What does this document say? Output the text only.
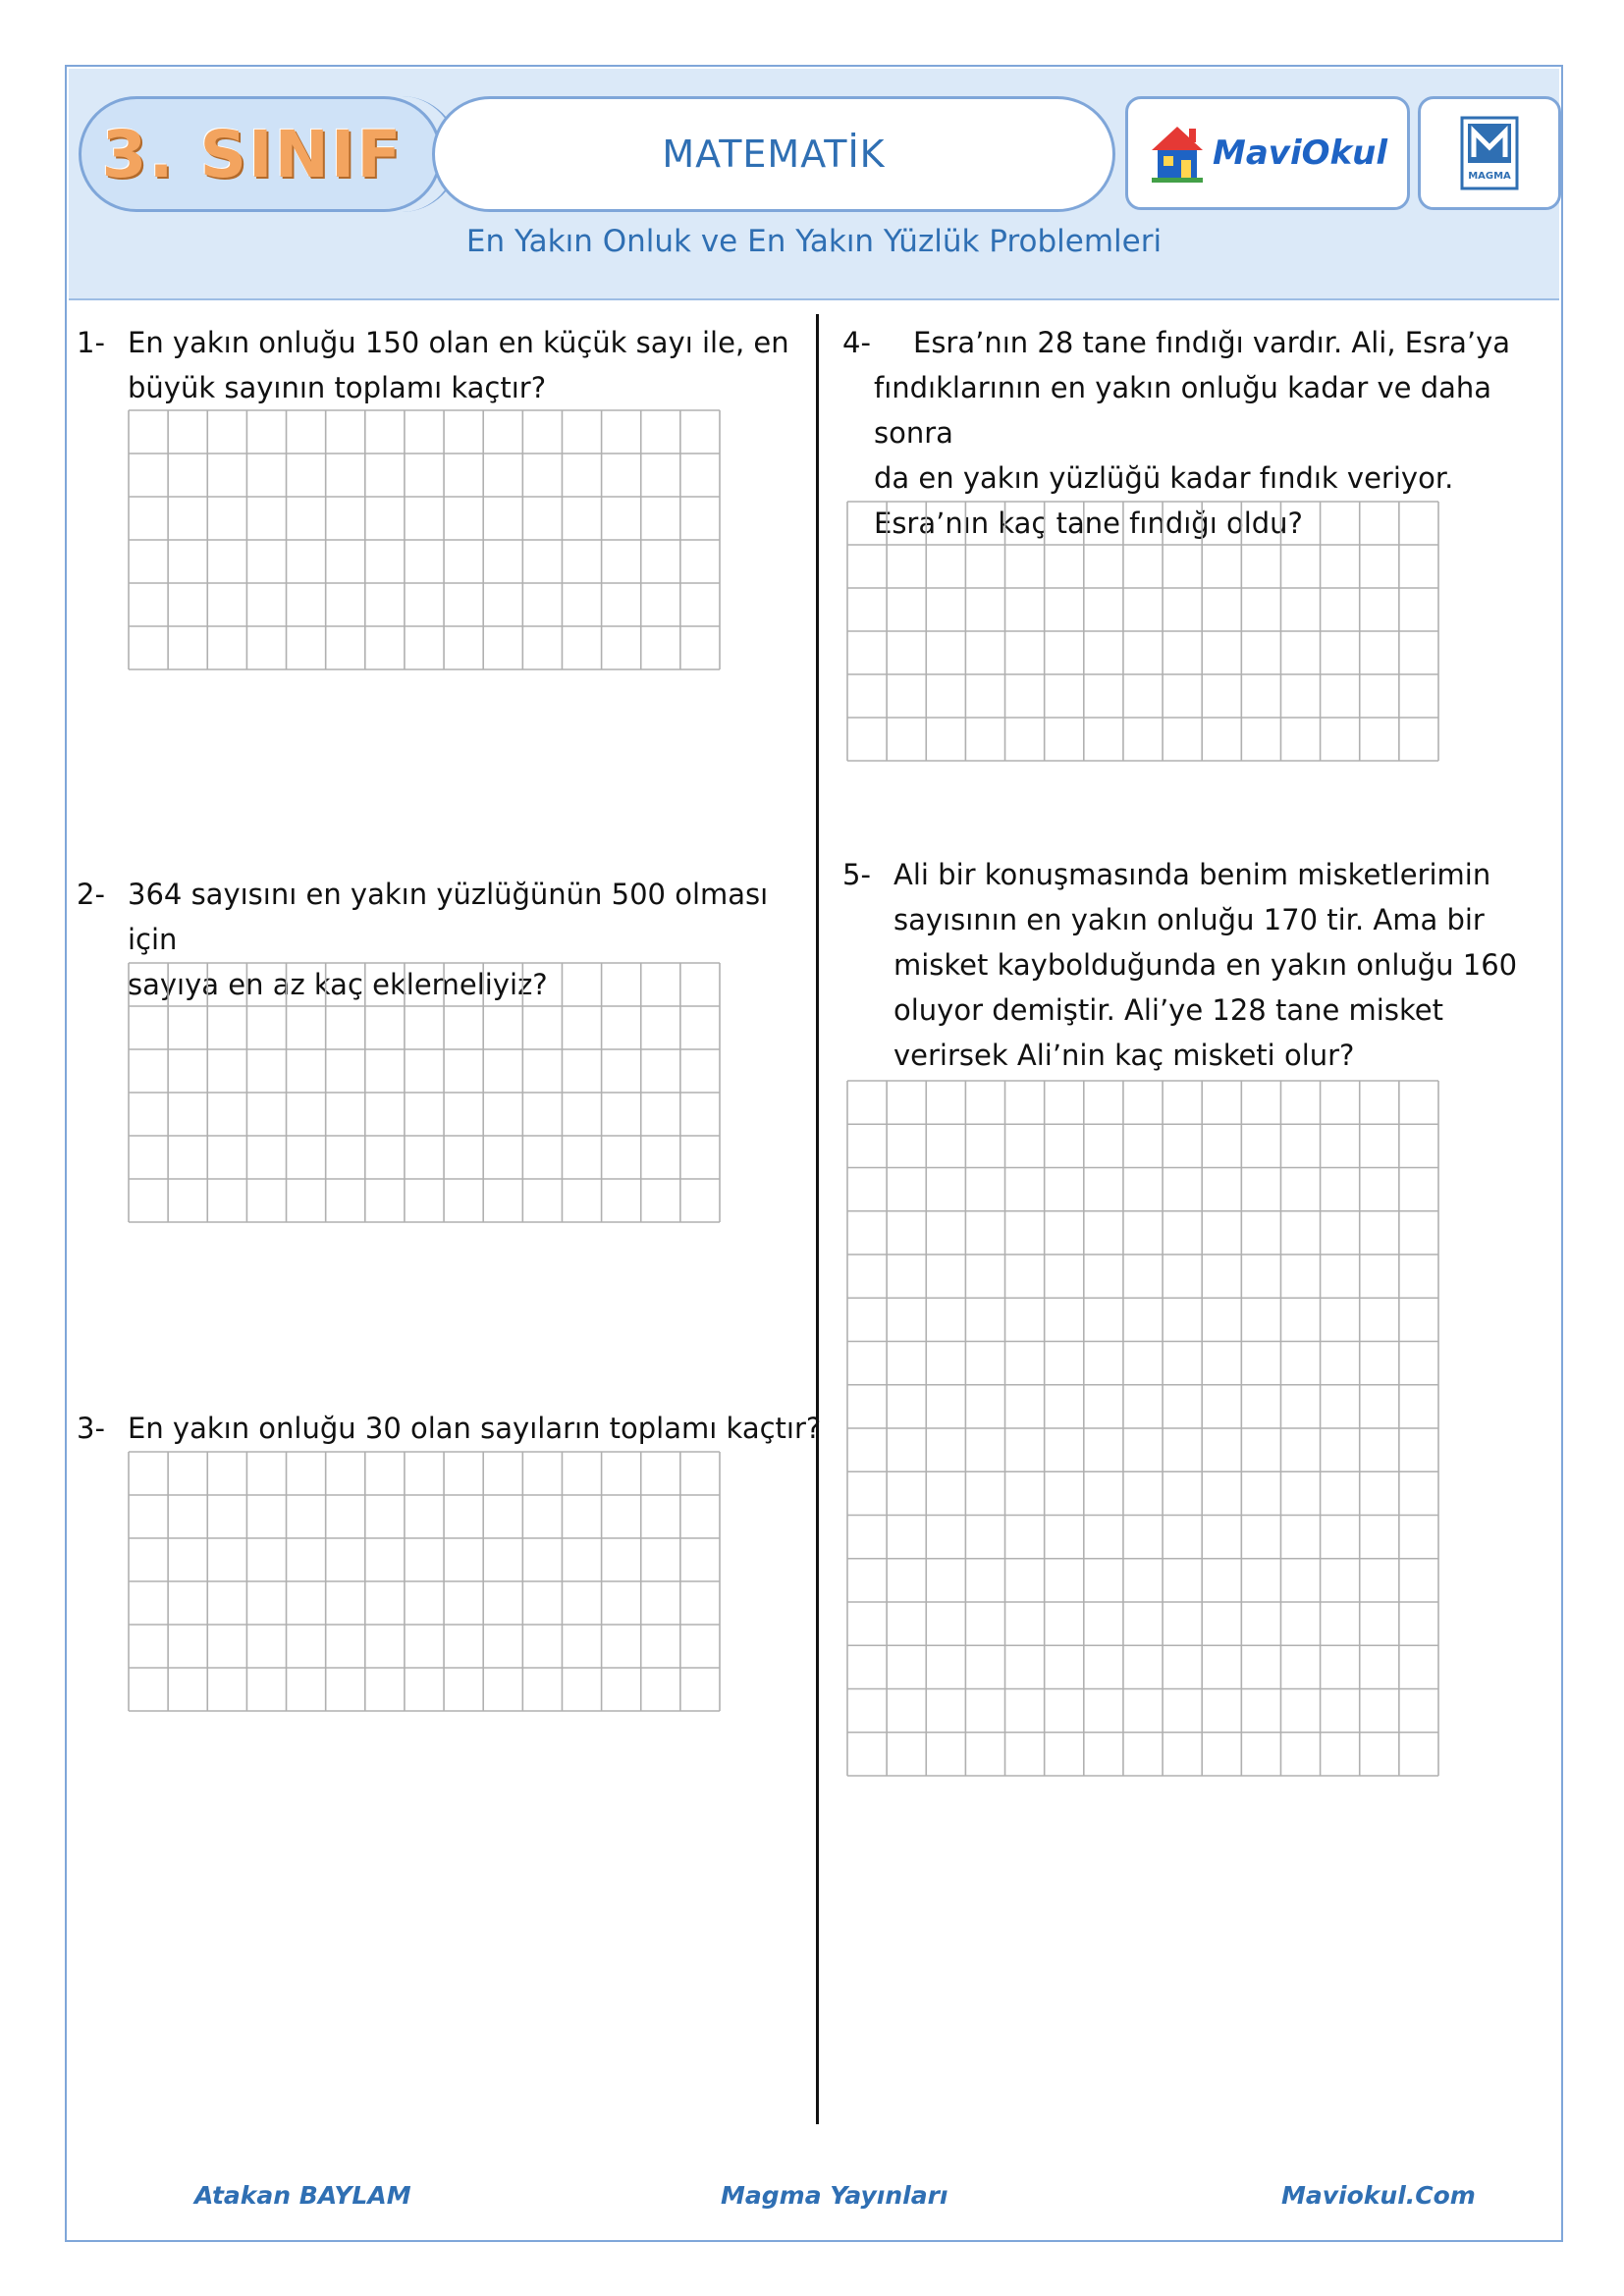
3. SINIF	MATEMATİK	MaviOkul
MAGMA
En Yakın Onluk ve En Yakın Yüzlük Problemleri
1- En yakın onluğu 150 olan en küçük sayı ile, en
büyük sayının toplamı kaçtır?
2- 364 sayısını en yakın yüzlüğünün 500 olması için
sayıya en az kaç eklemeliyiz?
3- En yakın onluğu 30 olan sayıların toplamı kaçtır?
4-	Esra’nın 28 tane fındığı vardır. Ali, Esra’ya
fındıklarının en yakın onluğu kadar ve daha sonra
da en yakın yüzlüğü kadar fındık veriyor.
Esra’nın kaç tane fındığı oldu?
5- Ali bir konuşmasında benim misketlerimin
sayısının en yakın onluğu 170 tir. Ama bir
misket kaybolduğunda en yakın onluğu 160
oluyor demiştir. Ali’ye 128 tane misket
verirsek Ali’nin kaç misketi olur?
Atakan BAYLAM	Magma Yayınları	Maviokul.Com
